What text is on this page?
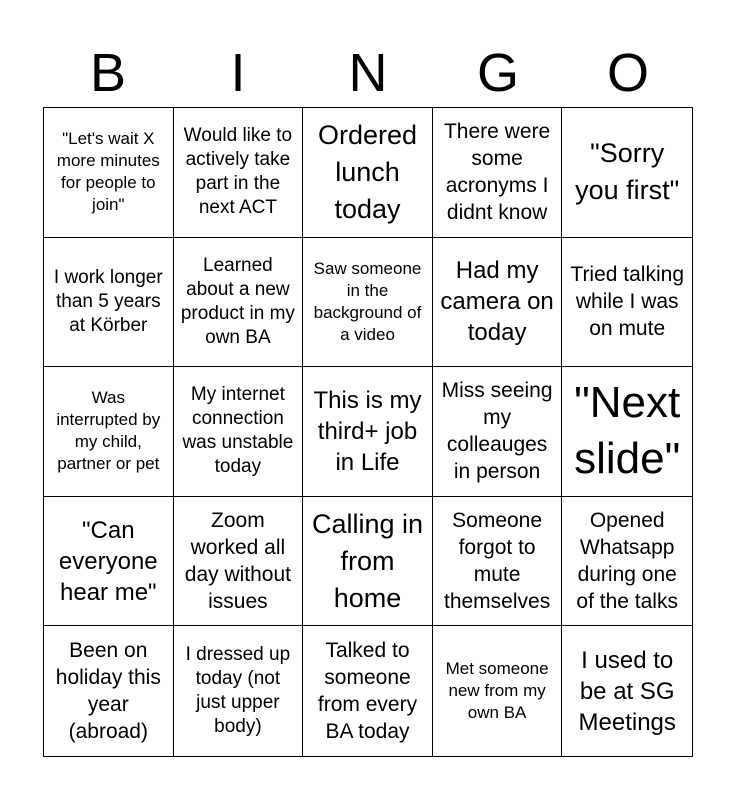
B	I	N	G	O
"Let's wait X more minutes for people to join"
Would like to actively take part in the next ACT
Ordered lunch today
There were some acronyms I didnt know
"Sorry you first"
I work longer than 5 years at Körber
Learned about a new product in my own BA
Saw someone in the background of a video
Had my camera on today
Tried talking while I was on mute
Was interrupted by my child, partner or pet
My internet connection was unstable today
This is my third+ job in Life
Miss seeing my colleauges in person
"Next slide"
"Can everyone hear me"
Zoom worked all day without issues
Calling in from home
Someone forgot to mute themselves
Opened Whatsapp during one of the talks
Been on holiday this year (abroad)
I dressed up today (not just upper body)
Talked to someone from every BA today
Met someone new from my own BA
I used to be at SG Meetings
